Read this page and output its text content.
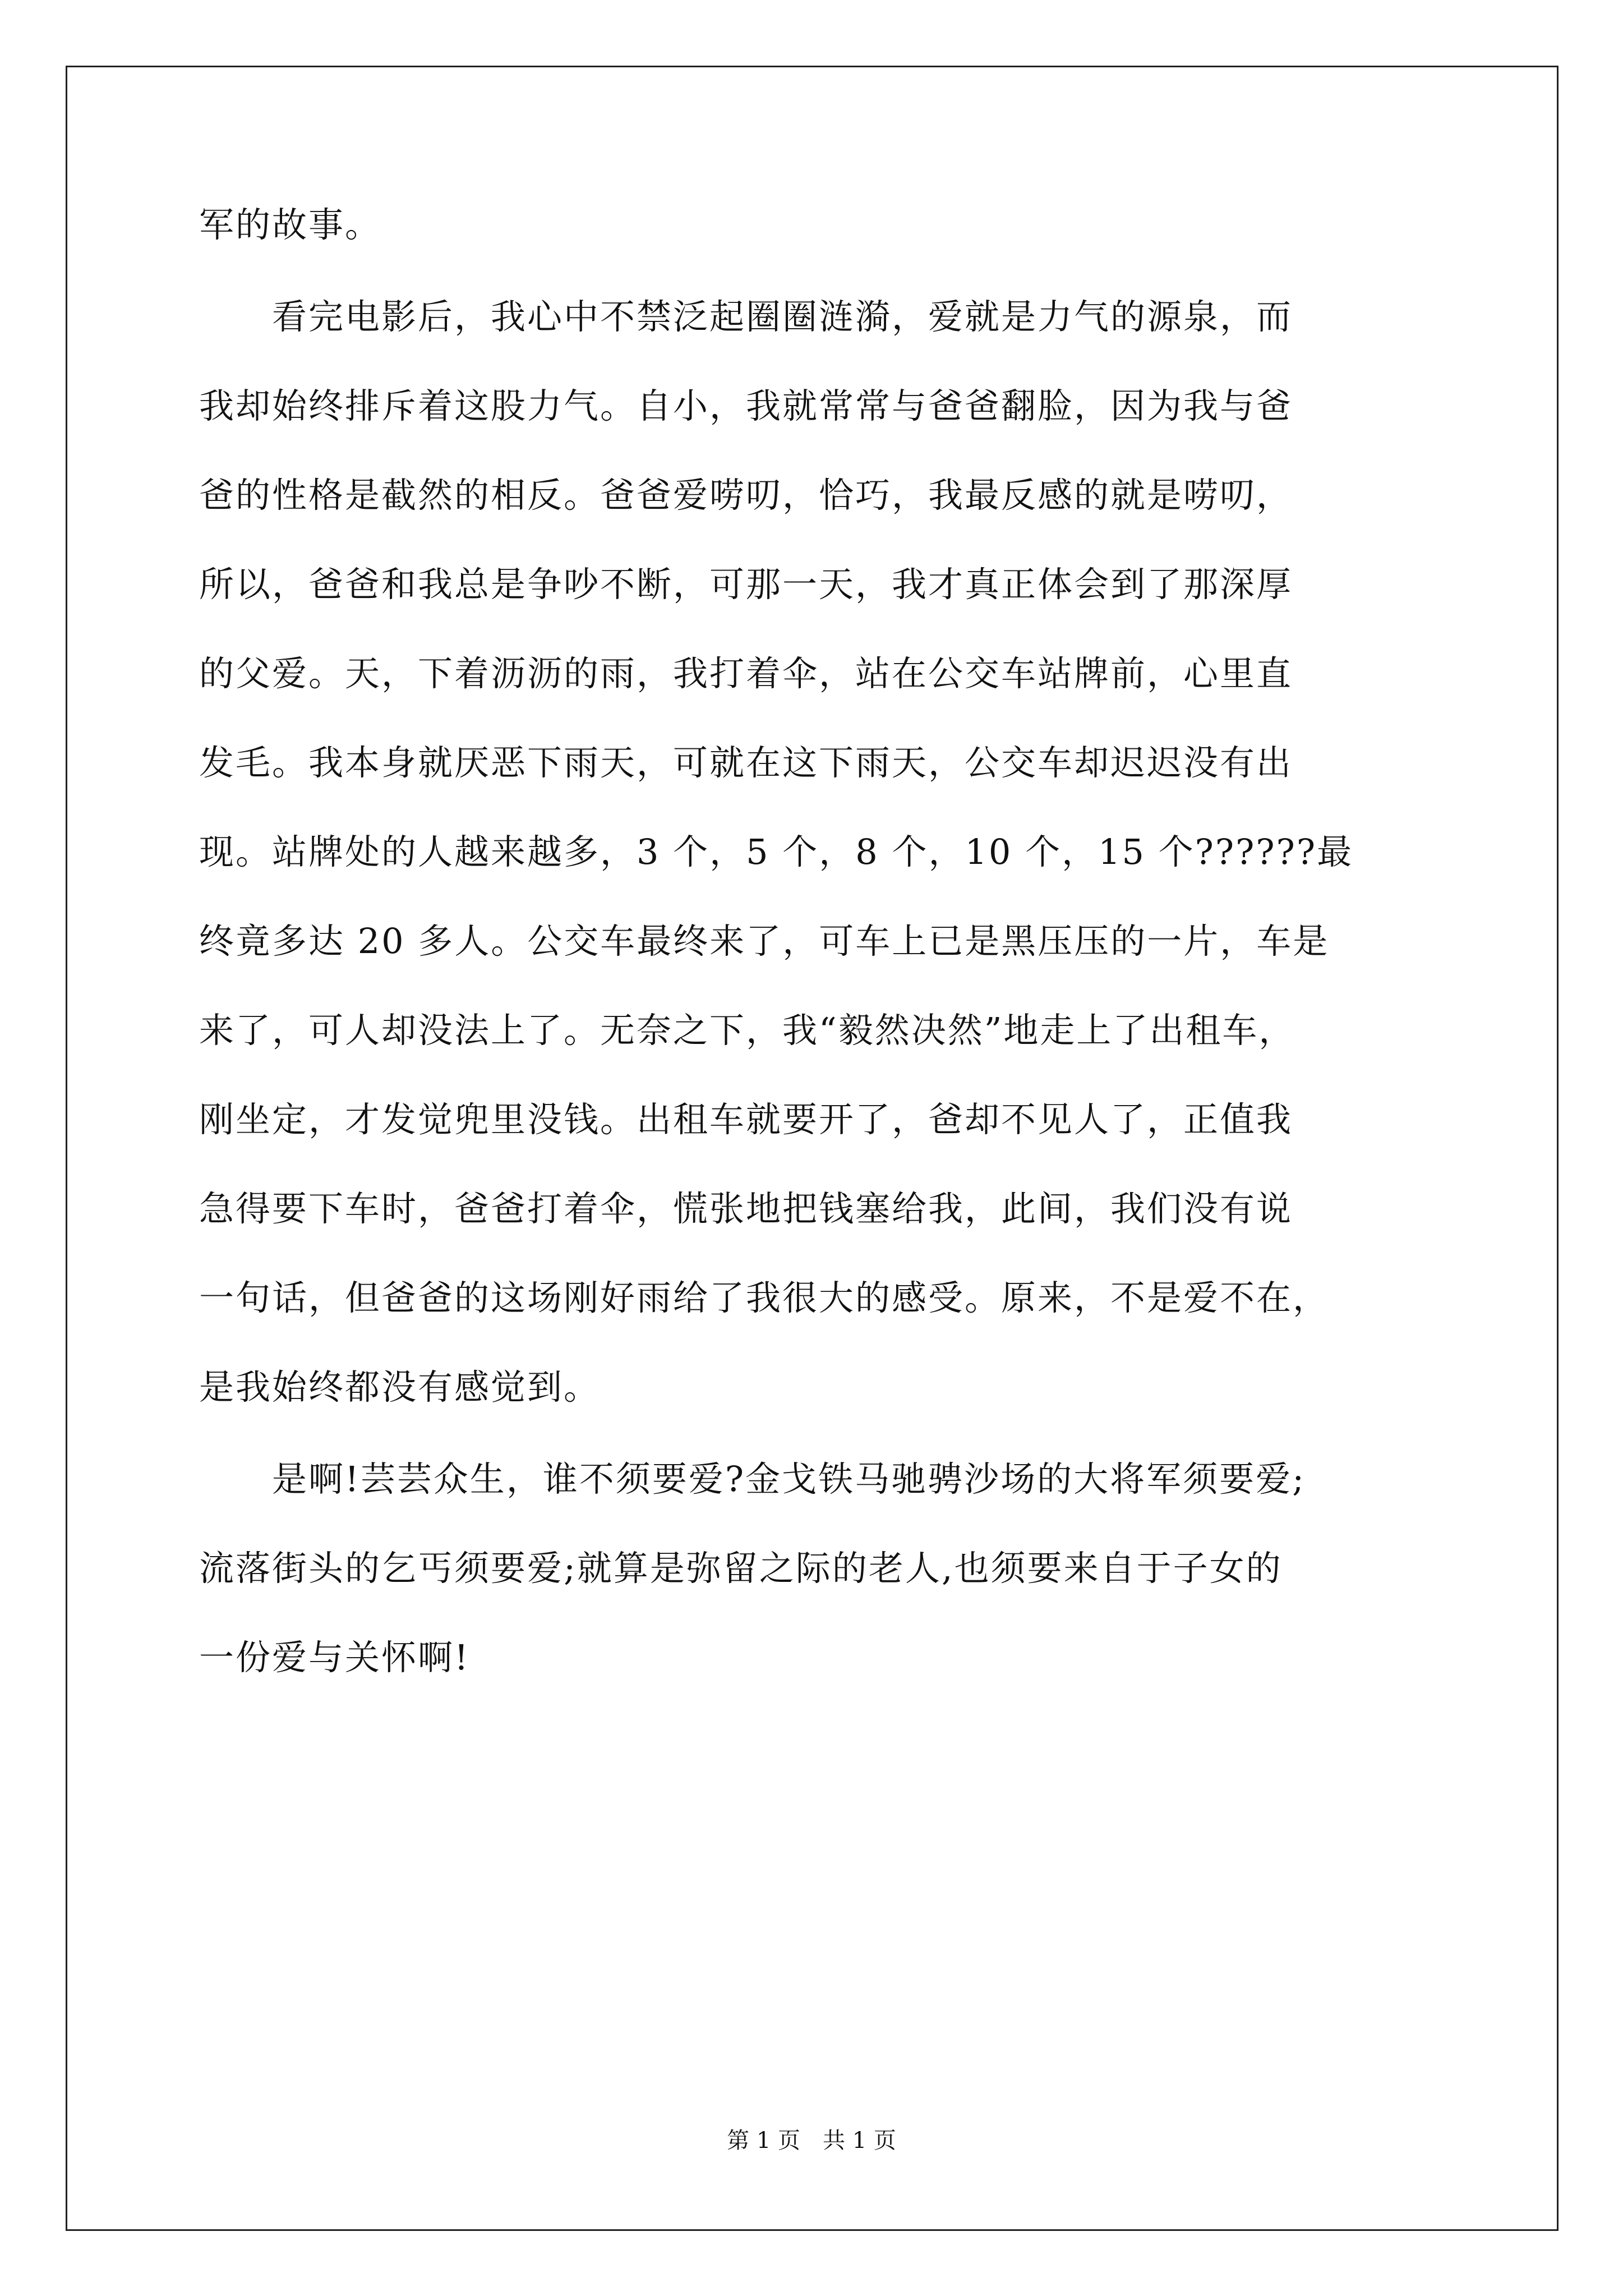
军的故事。
　　看完电影后，我心中不禁泛起圈圈涟漪，爱就是力气的源泉，而
我却始终排斥着这股力气。自小，我就常常与爸爸翻脸，因为我与爸
爸的性格是截然的相反。爸爸爱唠叨，恰巧，我最反感的就是唠叨，
所以，爸爸和我总是争吵不断，可那一天，我才真正体会到了那深厚
的父爱。天，下着沥沥的雨，我打着伞，站在公交车站牌前，心里直
发毛。我本身就厌恶下雨天，可就在这下雨天，公交车却迟迟没有出
现。站牌处的人越来越多，3 个，5 个，8 个，10 个，15 个??????最
终竟多达 20 多人。公交车最终来了，可车上已是黑压压的一片，车是
来了，可人却没法上了。无奈之下，我“毅然决然”地走上了出租车，
刚坐定，才发觉兜里没钱。出租车就要开了，爸却不见人了，正值我
急得要下车时，爸爸打着伞，慌张地把钱塞给我，此间，我们没有说
一句话，但爸爸的这场刚好雨给了我很大的感受。原来，不是爱不在，
是我始终都没有感觉到。
　　是啊!芸芸众生，谁不须要爱?金戈铁马驰骋沙场的大将军须要爱;
流落街头的乞丐须要爱;就算是弥留之际的老人,也须要来自于子女的
一份爱与关怀啊!
第 1 页 共 1 页
